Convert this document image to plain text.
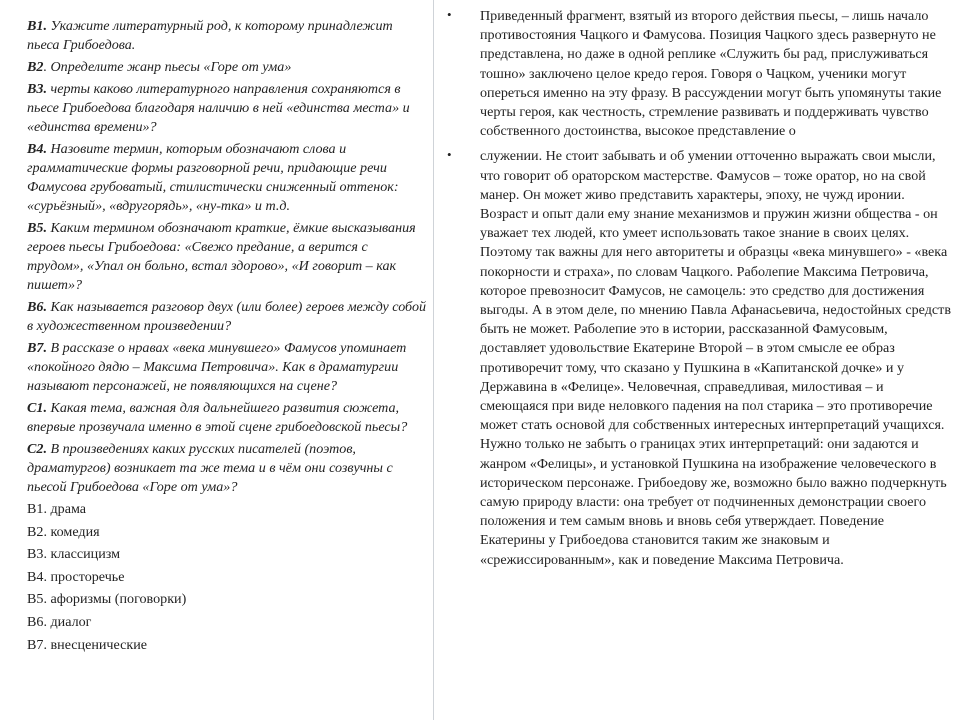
В1. Укажите литературный род, к которому принадлежит пьеса Грибоедова.

В2. Определите жанр пьесы «Горе от ума»

В3. черты каково литературного направления сохраняются в пьесе Грибоедова благодаря наличию в ней «единства места» и «единства времени»?

В4. Назовите термин, которым обозначают слова и грамматические формы разговорной речи, придающие речи Фамусова грубоватый, стилистически сниженный оттенок: «сурьёзный», «вдругорядь», «ну-тка» и т.д.

В5. Каким термином обозначают краткие, ёмкие высказывания героев пьесы Грибоедова: «Свежо предание, а верится с трудом», «Упал он больно, встал здорово», «И говорит – как пишет»?

В6. Как называется разговор двух (или более) героев между собой в художественном произведении?

В7. В рассказе о нравах «века минувшего» Фамусов упоминает «покойного дядю – Максима Петровича». Как в драматургии называют персонажей, не появляющихся на сцене?

С1. Какая тема, важная для дальнейшего развития сюжета, впервые прозвучала именно в этой сцене грибоедовской пьесы?

С2. В произведениях каких русских писателей (поэтов, драматургов) возникает та же тема и в чём они созвучны с пьесой Грибоедова «Горе от ума»?

В1. драма

В2. комедия

В3. классицизм

В4. просторечье

В5. афоризмы (поговорки)

В6. диалог

В7. внесценические

• Приведенный фрагмент, взятый из второго действия пьесы, – лишь начало противостояния Чацкого и Фамусова. Позиция Чацкого здесь развернуто не представлена, но даже в одной реплике «Служить бы рад, прислуживаться тошно» заключено целое кредо героя. Говоря о Чацком, ученики могут опереться именно на эту фразу. В рассуждении могут быть упомянуты такие черты героя, как честность, стремление развивать и поддерживать чувство собственного достоинства, высокое представление о
• служении. Не стоит забывать и об умении отточенно выражать свои мысли, что говорит об ораторском мастерстве. Фамусов – тоже оратор, но на свой манер. Он может живо представить характеры, эпоху, не чужд иронии. Возраст и опыт дали ему знание механизмов и пружин жизни общества - он уважает тех людей, кто умеет использовать такое знание в своих целях. Поэтому так важны для него авторитеты и образцы «века минувшего» - «века покорности и страха», по словам Чацкого. Раболепие Максима Петровича, которое превозносит Фамусов, не самоцель: это средство для достижения выгоды. А в этом деле, по мнению Павла Афанасьевича, недостойных средств быть не может. Раболепие это в истории, рассказанной Фамусовым, доставляет удовольствие Екатерине Второй – в этом смысле ее образ противоречит тому, что сказано у Пушкина в «Капитанской дочке» и у Державина в «Фелице». Человечная, справедливая, милостивая – и смеющаяся при виде неловкого падения на пол старика – это противоречие может стать основой для собственных интересных интерпретаций учащихся. Нужно только не забыть о границах этих интерпретаций: они задаются и жанром «Фелицы», и установкой Пушкина на изображение человеческого в историческом персонаже. Грибоедову же, возможно было важно подчеркнуть самую природу власти: она требует от подчиненных демонстрации своего положения и тем самым вновь и вновь себя утверждает. Поведение Екатерины у Грибоедова становится таким же знаковым и «срежиссированным», как и поведение Максима Петровича.
